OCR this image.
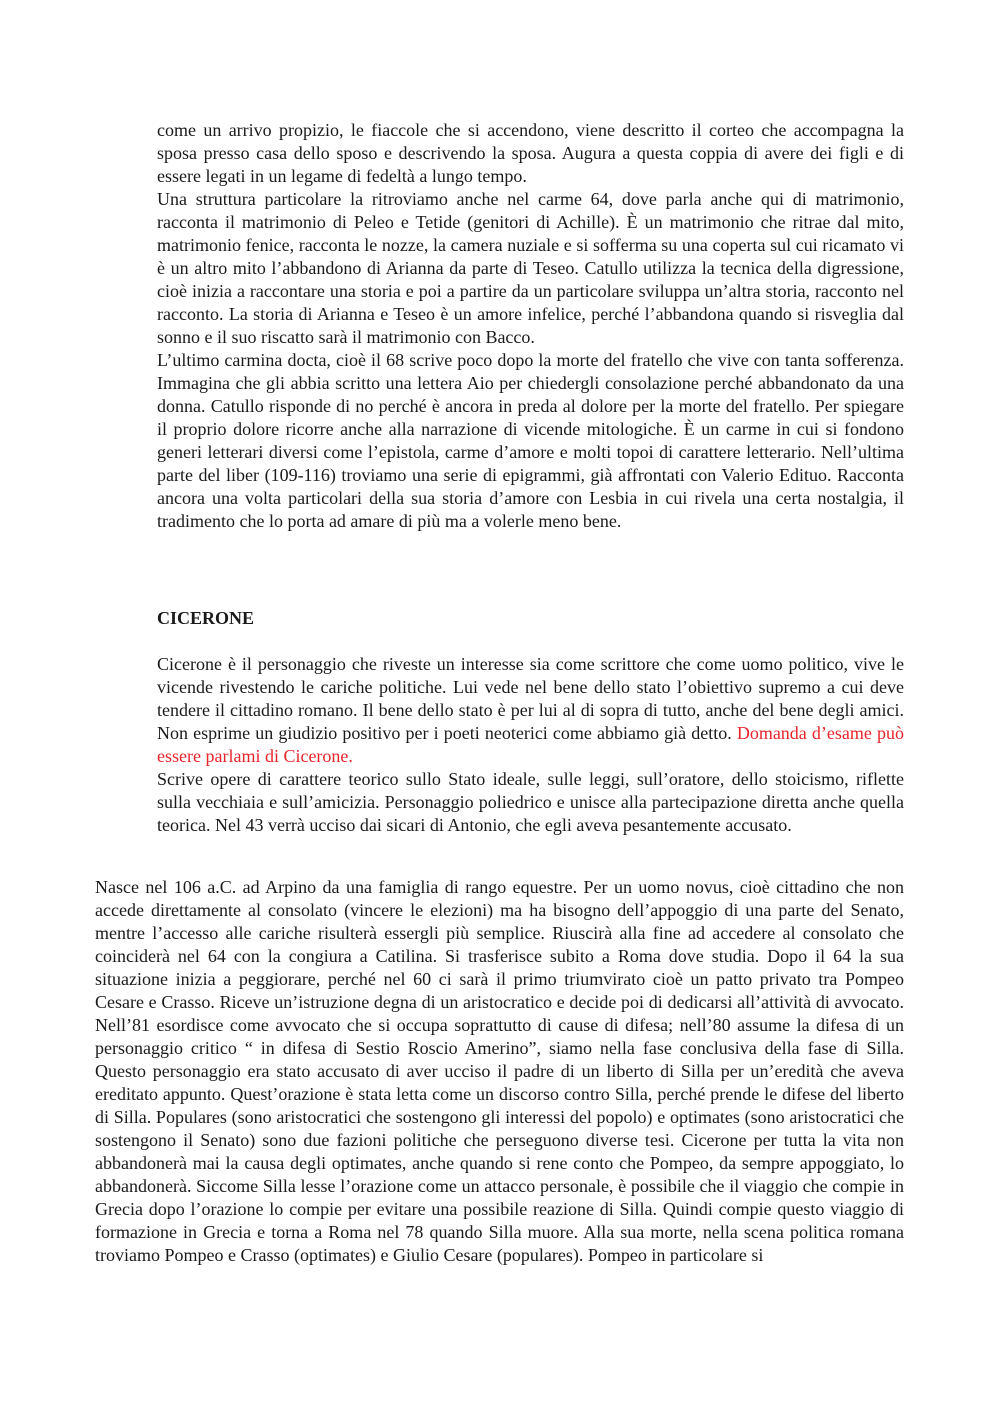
come un arrivo propizio, le fiaccole che si accendono, viene descritto il corteo che accompagna la sposa presso casa dello sposo e descrivendo la sposa. Augura a questa coppia di avere dei figli e di essere legati in un legame di fedeltà a lungo tempo.

Una struttura particolare la ritroviamo anche nel carme 64, dove parla anche qui di matrimonio, racconta il matrimonio di Peleo e Tetide (genitori di Achille). È un matrimonio che ritrae dal mito, matrimonio fenice, racconta le nozze, la camera nuziale e si sofferma su una coperta sul cui ricamato vi è un altro mito l’abbandono di Arianna da parte di Teseo. Catullo utilizza la tecnica della digressione, cioè inizia a raccontare una storia e poi a partire da un particolare sviluppa un’altra storia, racconto nel racconto. La storia di Arianna e Teseo è un amore infelice, perché l’abbandona quando si risveglia dal sonno e il suo riscatto sarà il matrimonio con Bacco.

L’ultimo carmina docta, cioè il 68 scrive poco dopo la morte del fratello che vive con tanta sofferenza. Immagina che gli abbia scritto una lettera Aio per chiedergli consolazione perché abbandonato da una donna. Catullo risponde di no perché è ancora in preda al dolore per la morte del fratello. Per spiegare il proprio dolore ricorre anche alla narrazione di vicende mitologiche. È un carme in cui si fondono generi letterari diversi come l’epistola, carme d’amore e molti topoi di carattere letterario. Nell’ultima parte del liber (109-116) troviamo una serie di epigrammi, già affrontati con Valerio Edituo. Racconta ancora una volta particolari della sua storia d’amore con Lesbia in cui rivela una certa nostalgia, il tradimento che lo porta ad amare di più ma a volerle meno bene.

CICERONE

Cicerone è il personaggio che riveste un interesse sia come scrittore che come uomo politico, vive le vicende rivestendo le cariche politiche. Lui vede nel bene dello stato l’obiettivo supremo a cui deve tendere il cittadino romano. Il bene dello stato è per lui al di sopra di tutto, anche del bene degli amici. Non esprime un giudizio positivo per i poeti neoterici come abbiamo già detto. Domanda d’esame può essere parlami di Cicerone.

Scrive opere di carattere teorico sullo Stato ideale, sulle leggi, sull’oratore, dello stoicismo, riflette sulla vecchiaia e sull’amicizia. Personaggio poliedrico e unisce alla partecipazione diretta anche quella teorica. Nel 43 verrà ucciso dai sicari di Antonio, che egli aveva pesantemente accusato.

Nasce nel 106 a.C. ad Arpino da una famiglia di rango equestre. Per un uomo novus, cioè cittadino che non accede direttamente al consolato (vincere le elezioni) ma ha bisogno dell’appoggio di una parte del Senato, mentre l’accesso alle cariche risulterà essergli più semplice. Riuscirà alla fine ad accedere al consolato che coinciderà nel 64 con la congiura a Catilina. Si trasferisce subito a Roma dove studia. Dopo il 64 la sua situazione inizia a peggiorare, perché nel 60 ci sarà il primo triumvirato cioè un patto privato tra Pompeo Cesare e Crasso. Riceve un’istruzione degna di un aristocratico e decide poi di dedicarsi all’attività di avvocato. Nell’81 esordisce come avvocato che si occupa soprattutto di cause di difesa; nell’80 assume la difesa di un personaggio critico “ in difesa di Sestio Roscio Amerino”, siamo nella fase conclusiva della fase di Silla. Questo personaggio era stato accusato di aver ucciso il padre di un liberto di Silla per un’eredità che aveva ereditato appunto. Quest’orazione è stata letta come un discorso contro Silla, perché prende le difese del liberto di Silla. Populares (sono aristocratici che sostengono gli interessi del popolo) e optimates (sono aristocratici che sostengono il Senato) sono due fazioni politiche che perseguono diverse tesi. Cicerone per tutta la vita non abbandonerà mai la causa degli optimates, anche quando si rene conto che Pompeo, da sempre appoggiato, lo abbandonerà. Siccome Silla lesse l’orazione come un attacco personale, è possibile che il viaggio che compie in Grecia dopo l’orazione lo compie per evitare una possibile reazione di Silla. Quindi compie questo viaggio di formazione in Grecia e torna a Roma nel 78 quando Silla muore. Alla sua morte, nella scena politica romana troviamo Pompeo e Crasso (optimates) e Giulio Cesare (populares). Pompeo in particolare si
